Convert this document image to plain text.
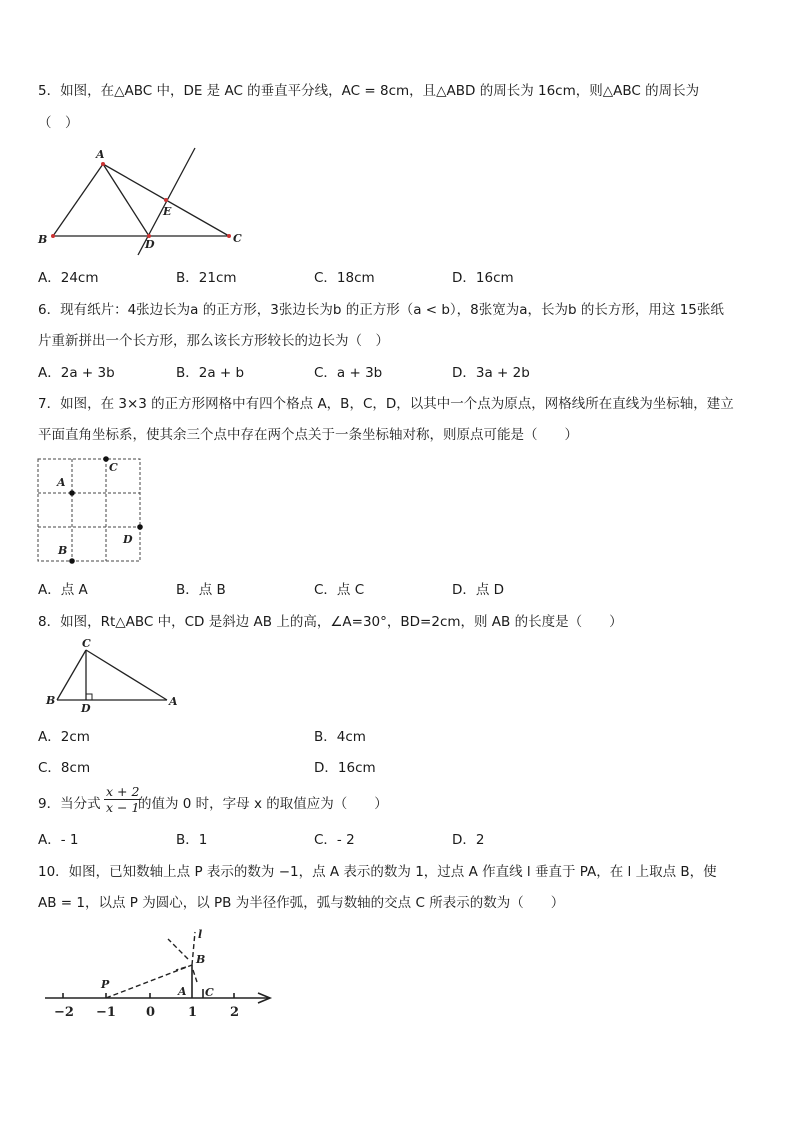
5．如图，在△ABC 中，DE 是 AC 的垂直平分线，AC = 8cm，且△ABD 的周长为 16cm，则△ABC 的周长为
（　）
A
B	C
D
E
A．24cm	B．21cm	C．18cm	D．16cm
6．现有纸片：4张边长为a 的正方形，3张边长为b 的正方形（a < b），8张宽为a，长为b 的长方形，用这 15张纸
片重新拼出一个长方形，那么该长方形较长的边长为（　）
A．2a + 3b	B．2a + b	C．a + 3b	D．3a + 2b
7．如图，在 3×3 的正方形网格中有四个格点 A，B，C，D，以其中一个点为原点，网格线所在直线为坐标轴，建立
平面直角坐标系，使其余三个点中存在两个点关于一条坐标轴对称，则原点可能是（　　）
A
C
D
B
A．点 A	B．点 B	C．点 C	D．点 D
8．如图，Rt△ABC 中，CD 是斜边 AB 上的高，∠A=30°，BD=2cm，则 AB 的长度是（　　）
C
B
D
A
A．2cm	B．4cm
C．8cm	D．16cm
9．当分式 $\frac{x + 2}{x - 1}$
的值为 0 时，字母 x 的取值应为（　　）
A．- 1	B．1	C．- 2	D．2
10．如图，已知数轴上点 P 表示的数为 −1，点 A 表示的数为 1，过点 A 作直线 l 垂直于 PA，在 l 上取点 B，使
AB = 1，以点 P 为圆心，以 PB 为半径作弧，弧与数轴的交点 C 所表示的数为（　　）
l
B
P
A C
−2 −1 0	1	2
